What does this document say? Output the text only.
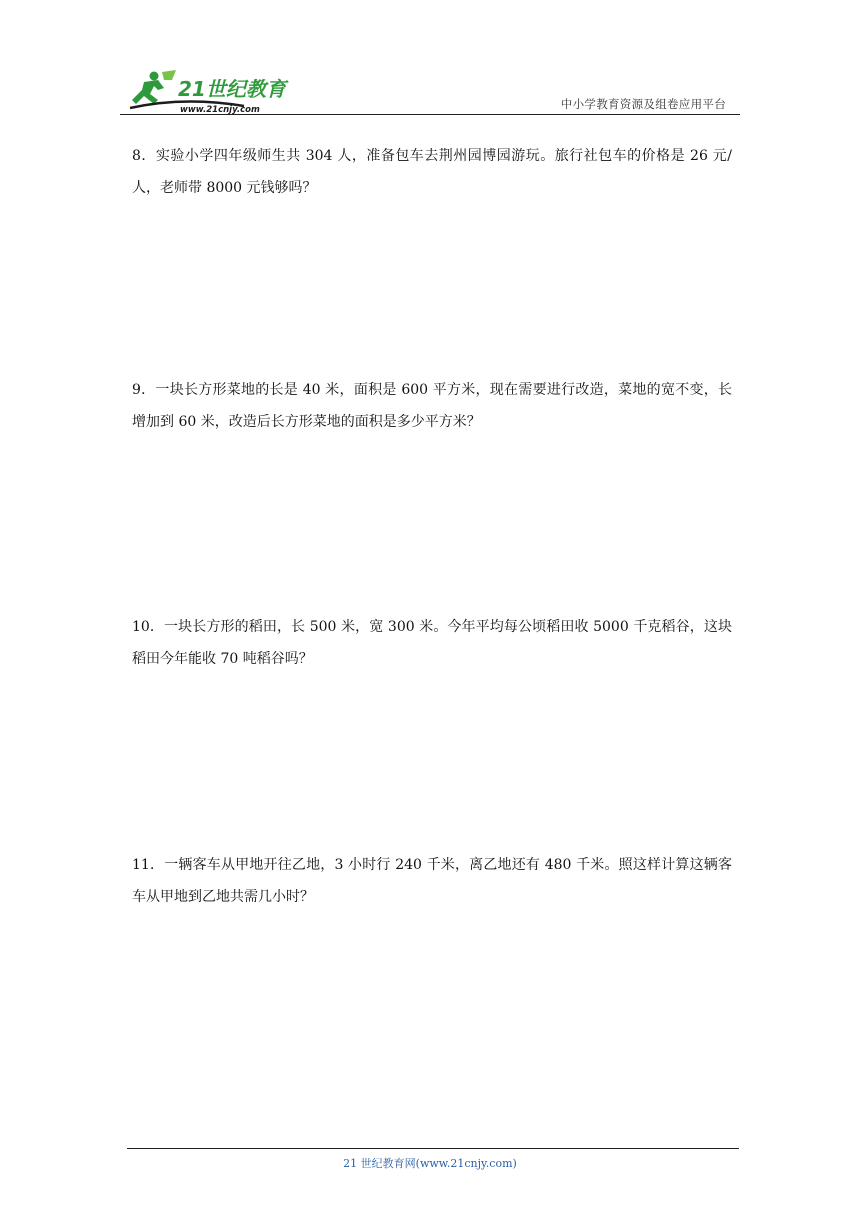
21世纪教育
www.21cnjy.com	中小学教育资源及组卷应用平台
8．实验小学四年级师生共 304 人，准备包车去荆州园博园游玩。旅行社包车的价格是 26 元/人，老师带 8000 元钱够吗？
9．一块长方形菜地的长是 40 米，面积是 600 平方米，现在需要进行改造，菜地的宽不变，长增加到 60 米，改造后长方形菜地的面积是多少平方米？
10．一块长方形的稻田，长 500 米，宽 300 米。今年平均每公顷稻田收 5000 千克稻谷，这块稻田今年能收 70 吨稻谷吗？
11．一辆客车从甲地开往乙地，3 小时行 240 千米，离乙地还有 480 千米。照这样计算这辆客车从甲地到乙地共需几小时？
21 世纪教育网(www.21cnjy.com)
